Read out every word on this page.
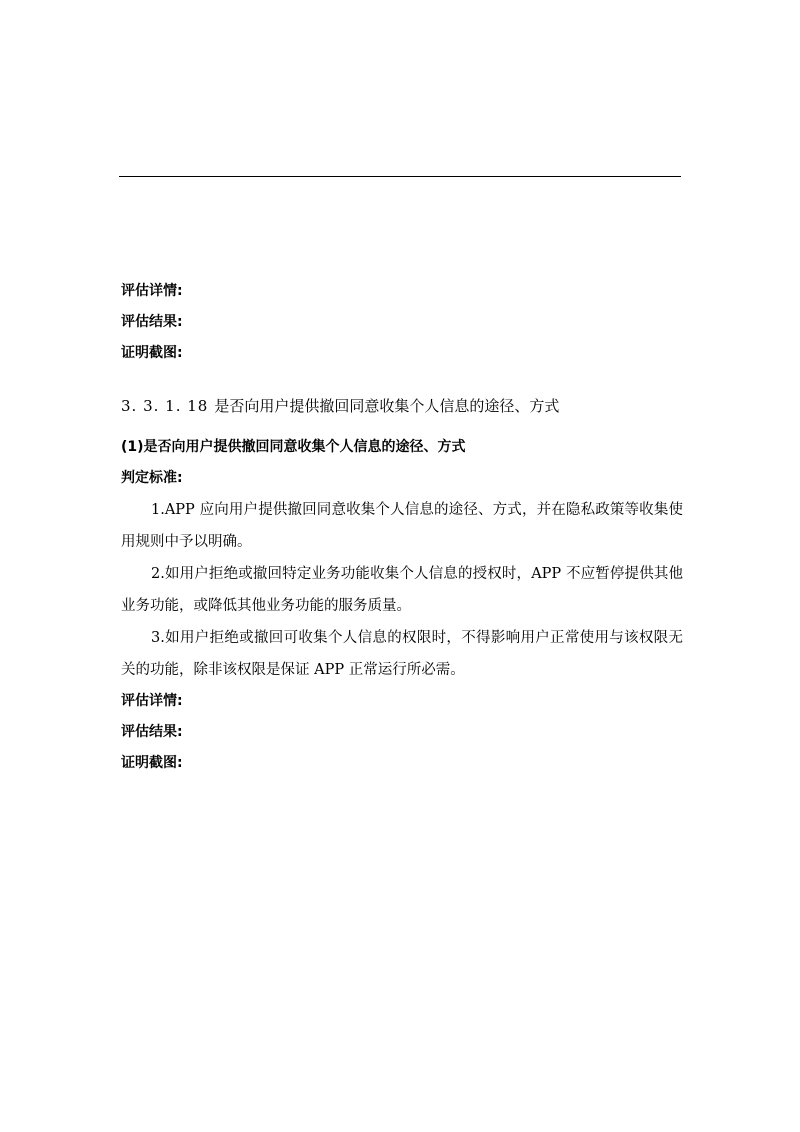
评估详情:
评估结果:
证明截图:
3. 3. 1. 18 是否向用户提供撤回同意收集个人信息的途径、方式
(1)是否向用户提供撤回同意收集个人信息的途径、方式
判定标准:

1.APP 应向用户提供撤回同意收集个人信息的途径、方式，并在隐私政策等收集使用规则中予以明确。

2.如用户拒绝或撤回特定业务功能收集个人信息的授权时，APP 不应暂停提供其他业务功能，或降低其他业务功能的服务质量。

3.如用户拒绝或撤回可收集个人信息的权限时，不得影响用户正常使用与该权限无关的功能，除非该权限是保证 APP 正常运行所必需。

评估详情:
评估结果:
证明截图:
